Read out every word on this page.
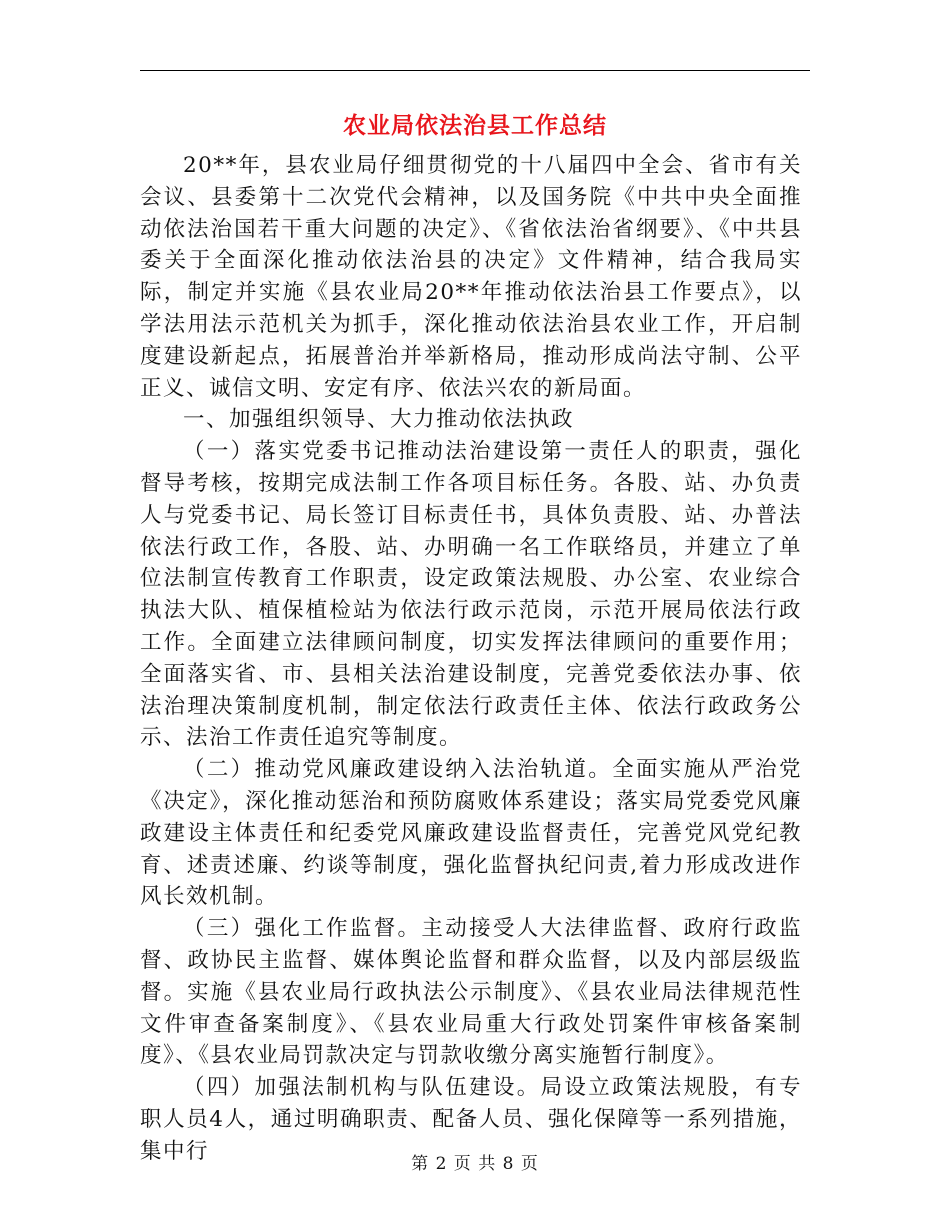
农业局依法治县工作总结

20**年，县农业局仔细贯彻党的十八届四中全会、省市有关会议、县委第十二次党代会精神，以及国务院《中共中央全面推动依法治国若干重大问题的决定》、《省依法治省纲要》、《中共县委关于全面深化推动依法治县的决定》文件精神，结合我局实际，制定并实施《县农业局20**年推动依法治县工作要点》，以学法用法示范机关为抓手，深化推动依法治县农业工作，开启制度建设新起点，拓展普治并举新格局，推动形成尚法守制、公平正义、诚信文明、安定有序、依法兴农的新局面。

一、加强组织领导、大力推动依法执政

（一）落实党委书记推动法治建设第一责任人的职责，强化督导考核，按期完成法制工作各项目标任务。各股、站、办负责人与党委书记、局长签订目标责任书，具体负责股、站、办普法依法行政工作，各股、站、办明确一名工作联络员，并建立了单位法制宣传教育工作职责，设定政策法规股、办公室、农业综合执法大队、植保植检站为依法行政示范岗，示范开展局依法行政工作。全面建立法律顾问制度，切实发挥法律顾问的重要作用；全面落实省、市、县相关法治建设制度，完善党委依法办事、依法治理决策制度机制，制定依法行政责任主体、依法行政政务公示、法治工作责任追究等制度。

（二）推动党风廉政建设纳入法治轨道。全面实施从严治党《决定》，深化推动惩治和预防腐败体系建设；落实局党委党风廉政建设主体责任和纪委党风廉政建设监督责任，完善党风党纪教育、述责述廉、约谈等制度，强化监督执纪问责,着力形成改进作风长效机制。

（三）强化工作监督。主动接受人大法律监督、政府行政监督、政协民主监督、媒体舆论监督和群众监督，以及内部层级监督。实施《县农业局行政执法公示制度》、《县农业局法律规范性文件审查备案制度》、《县农业局重大行政处罚案件审核备案制度》、《县农业局罚款决定与罚款收缴分离实施暂行制度》。

（四）加强法制机构与队伍建设。局设立政策法规股，有专职人员4人，通过明确职责、配备人员、强化保障等一系列措施，集中行

第 2 页 共 8 页
